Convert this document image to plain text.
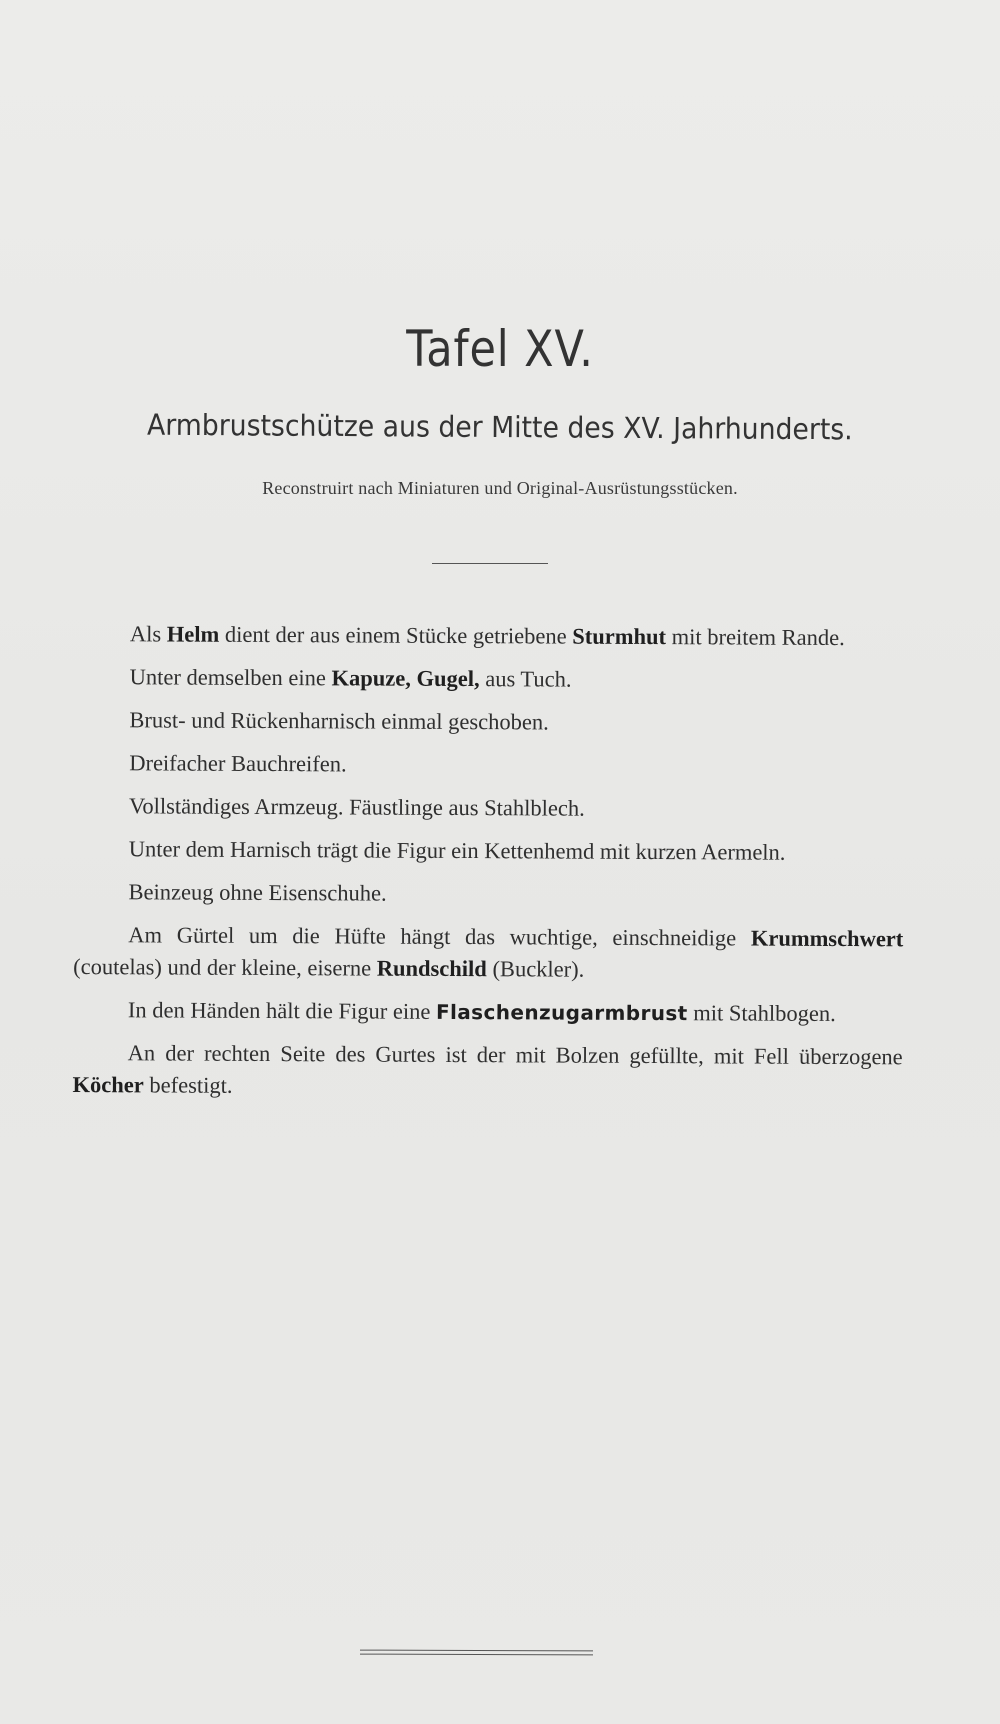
Tafel XV.
Armbrustschütze aus der Mitte des XV. Jahrhunderts.
Reconstruirt nach Miniaturen und Original-Ausrüstungsstücken.

Als Helm dient der aus einem Stücke getriebene Sturmhut mit breitem Rande.

Unter demselben eine Kapuze, Gugel, aus Tuch.

Brust- und Rückenharnisch einmal geschoben.

Dreifacher Bauchreifen.

Vollständiges Armzeug. Fäustlinge aus Stahlblech.

Unter dem Harnisch trägt die Figur ein Kettenhemd mit kurzen Aermeln.

Beinzeug ohne Eisenschuhe.

Am Gürtel um die Hüfte hängt das wuchtige, einschneidige Krummschwert (coutelas) und der kleine, eiserne Rundschild (Buckler).

In den Händen hält die Figur eine Flaschenzugarmbrust mit Stahlbogen.

An der rechten Seite des Gurtes ist der mit Bolzen gefüllte, mit Fell überzogene Köcher befestigt.
